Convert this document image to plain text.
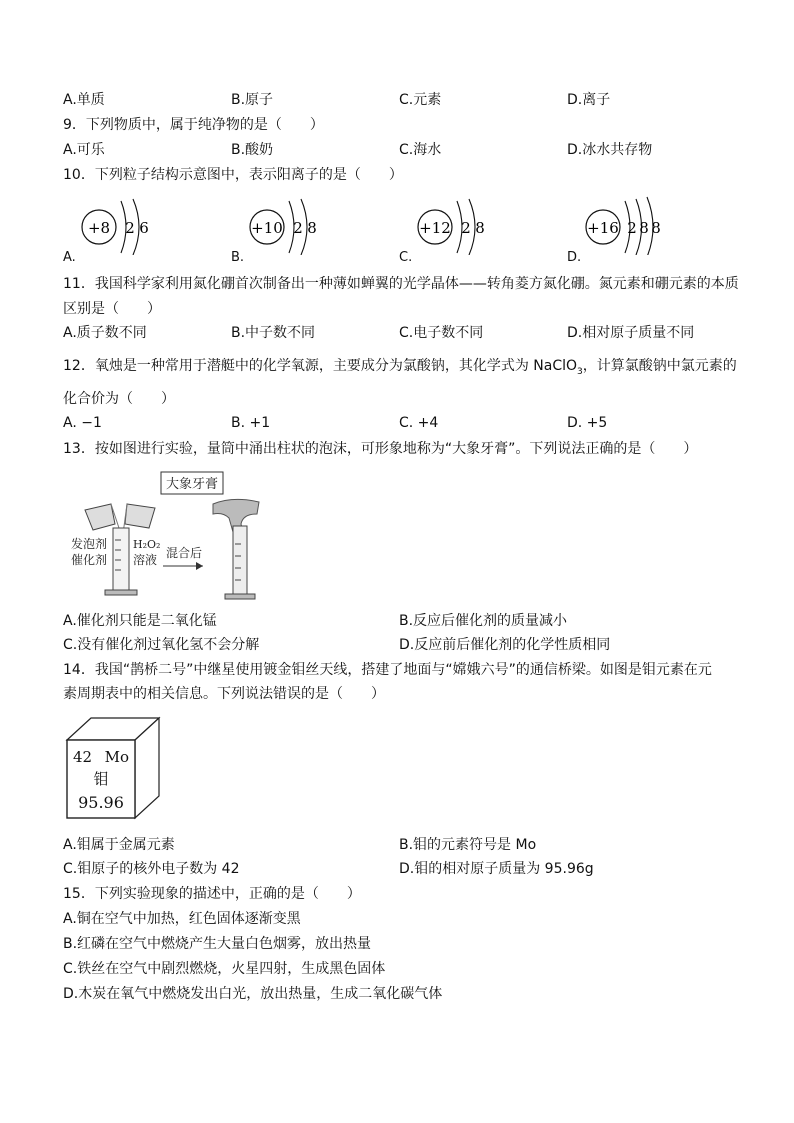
A.单质	B.原子	C.元素	D.离子
9．下列物质中，属于纯净物的是（　　）
A.可乐	B.酸奶	C.海水	D.冰水共存物
10．下列粒子结构示意图中，表示阳离子的是（　　）
+8 2 6
A.
+10 2 8
B.
+12 2 8
C.
+16 2 8 8
D.
11．我国科学家利用氮化硼首次制备出一种薄如蝉翼的光学晶体——转角菱方氮化硼。氮元素和硼元素的本质
区别是（　　）
A.质子数不同	B.中子数不同	C.电子数不同	D.相对原子质量不同
12．氧烛是一种常用于潜艇中的化学氧源，主要成分为氯酸钠，其化学式为 NaClO$_3$，计算氯酸钠中氯元素的
化合价为（　　）
A. −1	B. +1	C. +4	D. +5
13．按如图进行实验，量筒中涌出柱状的泡沫，可形象地称为“大象牙膏”。下列说法正确的是（　　）
大象牙膏
发泡剂
催化剂
H₂O₂
溶液 混合后
A.催化剂只能是二氧化锰	B.反应后催化剂的质量减小
C.没有催化剂过氧化氢不会分解	D.反应前后催化剂的化学性质相同
14．我国“鹊桥二号”中继星使用镀金钼丝天线，搭建了地面与“嫦娥六号”的通信桥梁。如图是钼元素在元
素周期表中的相关信息。下列说法错误的是（　　）
42 Mo
钼
95.96
A.钼属于金属元素	B.钼的元素符号是 Mo
C.钼原子的核外电子数为 42	D.钼的相对原子质量为 95.96g
15．下列实验现象的描述中，正确的是（　　）
A.铜在空气中加热，红色固体逐渐变黑
B.红磷在空气中燃烧产生大量白色烟雾，放出热量
C.铁丝在空气中剧烈燃烧，火星四射，生成黑色固体
D.木炭在氧气中燃烧发出白光，放出热量，生成二氧化碳气体
